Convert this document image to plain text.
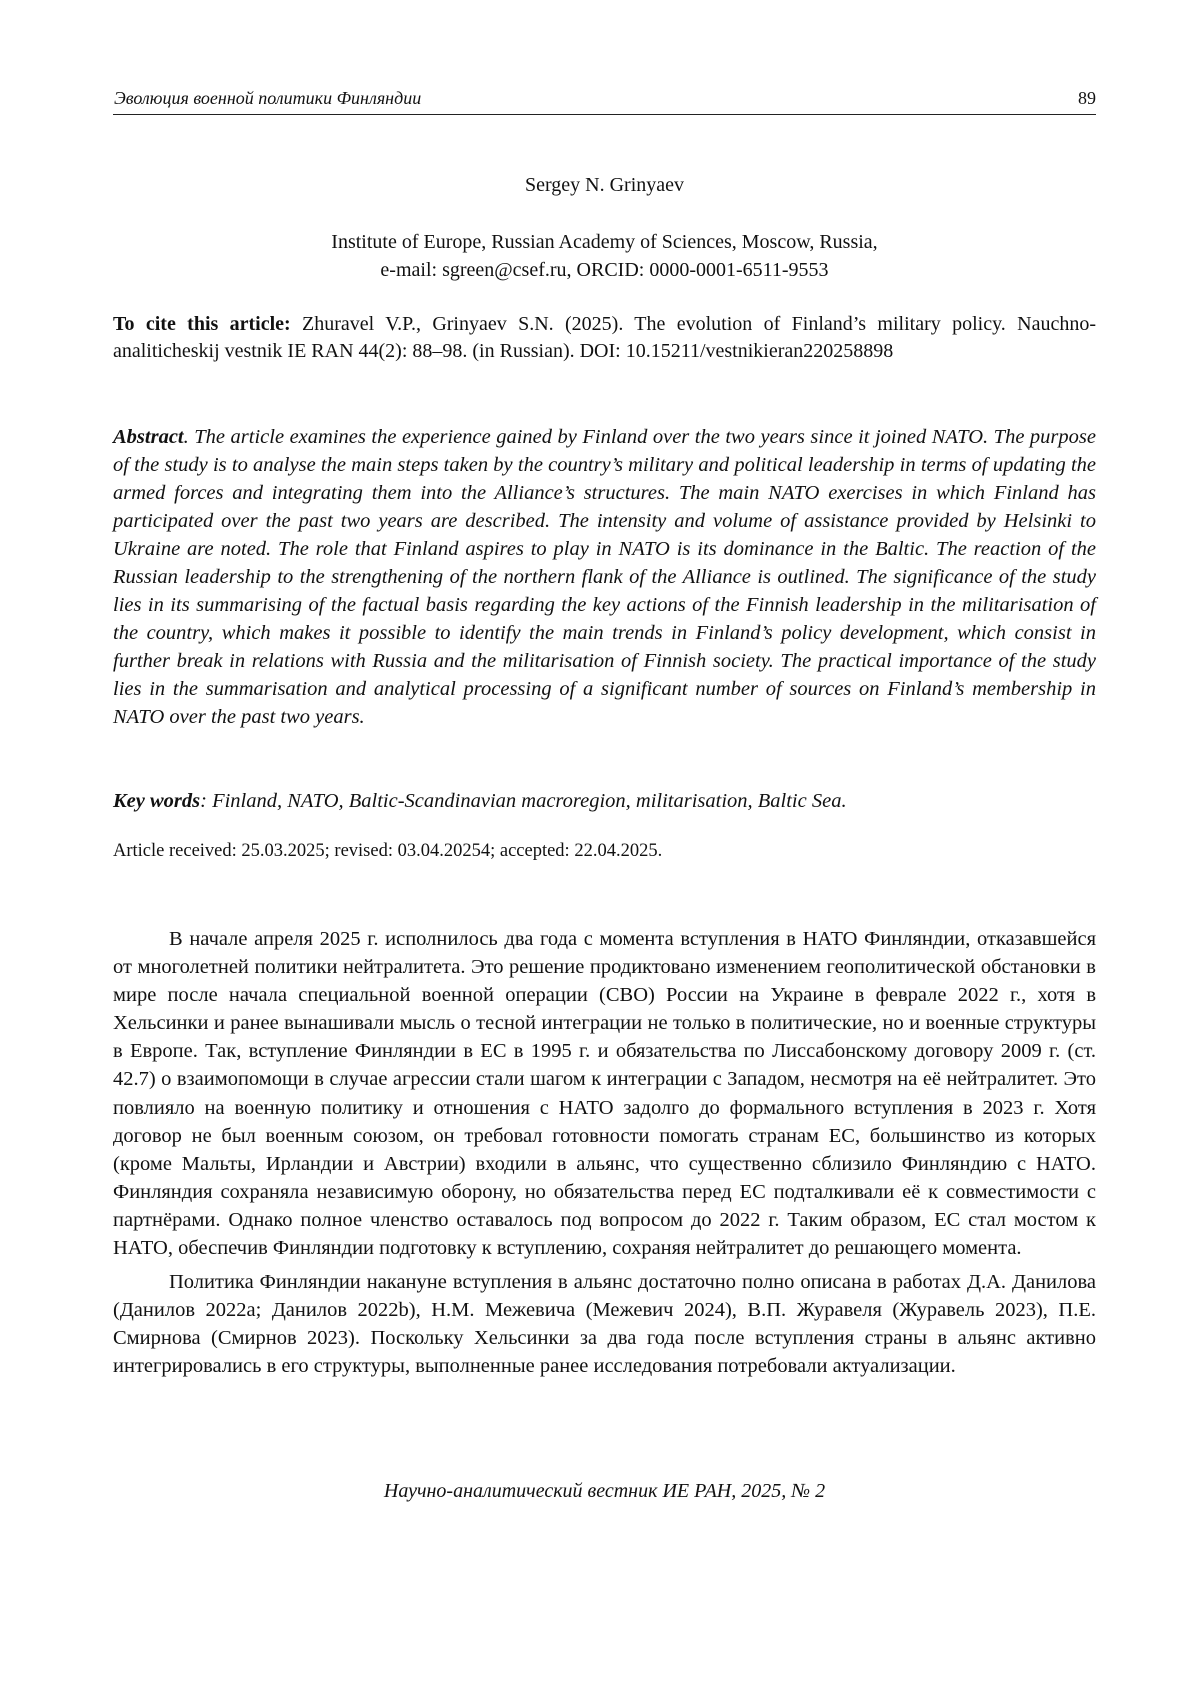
Эволюция военной политики Финляндии	89
Sergey N. Grinyaev
Institute of Europe, Russian Academy of Sciences, Moscow, Russia,
e-mail: sgreen@csef.ru, ORCID: 0000-0001-6511-9553
To cite this article: Zhuravel V.P., Grinyaev S.N. (2025). The evolution of Finland’s military policy. Nauchno-analiticheskij vestnik IE RAN 44(2): 88–98. (in Russian). DOI: 10.15211/vestnikieran220258898
Abstract. The article examines the experience gained by Finland over the two years since it joined NATO. The purpose of the study is to analyse the main steps taken by the country’s military and political leadership in terms of updating the armed forces and integrating them into the Alliance’s structures. The main NATO exercises in which Finland has participated over the past two years are described. The intensity and volume of assistance provided by Helsinki to Ukraine are noted. The role that Finland aspires to play in NATO is its dominance in the Baltic. The reaction of the Russian leadership to the strengthening of the northern flank of the Alliance is outlined. The significance of the study lies in its summarising of the factual basis regarding the key actions of the Finnish leadership in the militarisation of the country, which makes it possible to identify the main trends in Finland’s policy development, which consist in further break in relations with Russia and the militarisation of Finnish society. The practical importance of the study lies in the summarisation and analytical processing of a significant number of sources on Finland’s membership in NATO over the past two years.
Key words: Finland, NATO, Baltic-Scandinavian macroregion, militarisation, Baltic Sea.
Article received: 25.03.2025; revised: 03.04.20254; accepted: 22.04.2025.

В начале апреля 2025 г. исполнилось два года с момента вступления в НАТО Финляндии, отказавшейся от многолетней политики нейтралитета. Это решение продиктовано изменением геополитической обстановки в мире после начала специальной военной операции (СВО) России на Украине в феврале 2022 г., хотя в Хельсинки и ранее вынашивали мысль о тесной интеграции не только в политические, но и военные структуры в Европе. Так, вступление Финляндии в ЕС в 1995 г. и обязательства по Лиссабонскому договору 2009 г. (ст. 42.7) о взаимопомощи в случае агрессии стали шагом к интеграции с Западом, несмотря на её нейтралитет. Это повлияло на военную политику и отношения с НАТО задолго до формального вступления в 2023 г. Хотя договор не был военным союзом, он требовал готовности помогать странам ЕС, большинство из которых (кроме Мальты, Ирландии и Австрии) входили в альянс, что существенно сблизило Финляндию с НАТО. Финляндия сохраняла независимую оборону, но обязательства перед ЕС подталкивали её к совместимости с партнёрами. Однако полное членство оставалось под вопросом до 2022 г. Таким образом, ЕС стал мостом к НАТО, обеспечив Финляндии подготовку к вступлению, сохраняя нейтралитет до решающего момента.

Политика Финляндии накануне вступления в альянс достаточно полно описана в работах Д.А. Данилова (Данилов 2022a; Данилов 2022b), Н.М. Межевича (Межевич 2024), В.П. Журавеля (Журавель 2023), П.Е. Смирнова (Смирнов 2023). Поскольку Хельсинки за два года после вступления страны в альянс активно интегрировались в его структуры, выполненные ранее исследования потребовали актуализации.

Научно-аналитический вестник ИЕ РАН, 2025, № 2
